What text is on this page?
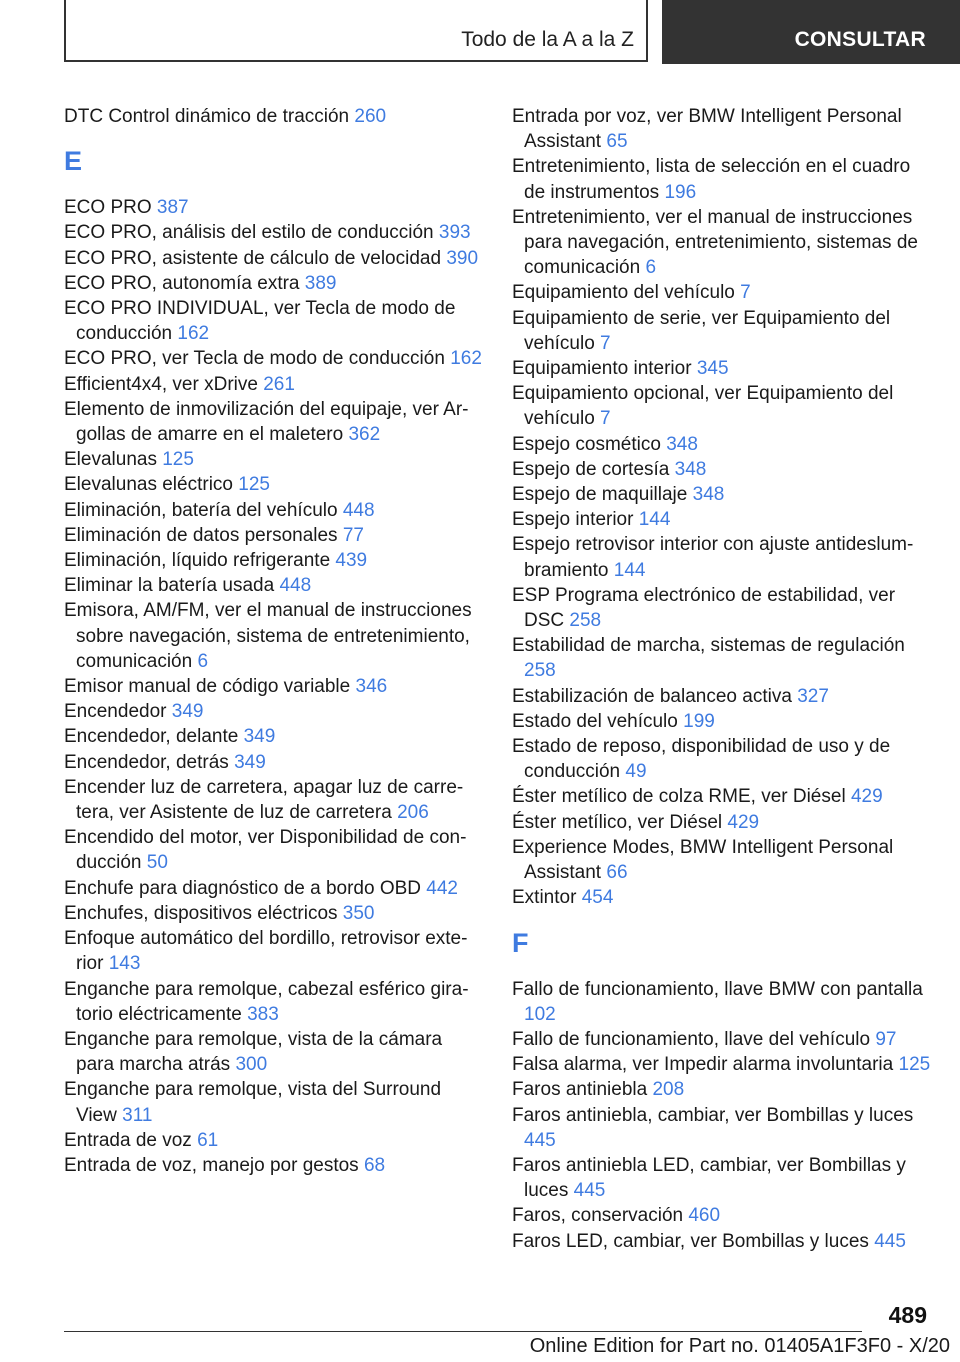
Todo de la A a la Z	CONSULTAR
DTC Control dinámico de tracción 260
E
ECO PRO 387
ECO PRO, análisis del estilo de conducción 393
ECO PRO, asistente de cálculo de velocidad 390
ECO PRO, autonomía extra 389
ECO PRO INDIVIDUAL, ver Tecla de modo de conducción 162
ECO PRO, ver Tecla de modo de conducción 162
Efficient4x4, ver xDrive 261
Elemento de inmovilización del equipaje, ver Argollas de amarre en el maletero 362
Elevalunas 125
Elevalunas eléctrico 125
Eliminación, batería del vehículo 448
Eliminación de datos personales 77
Eliminación, líquido refrigerante 439
Eliminar la batería usada 448
Emisora, AM/FM, ver el manual de instrucciones sobre navegación, sistema de entretenimiento, comunicación 6
Emisor manual de código variable 346
Encendedor 349
Encendedor, delante 349
Encendedor, detrás 349
Encender luz de carretera, apagar luz de carretera, ver Asistente de luz de carretera 206
Encendido del motor, ver Disponibilidad de conducción 50
Enchufe para diagnóstico de a bordo OBD 442
Enchufes, dispositivos eléctricos 350
Enfoque automático del bordillo, retrovisor exterior 143
Enganche para remolque, cabezal esférico giratorio eléctricamente 383
Enganche para remolque, vista de la cámara para marcha atrás 300
Enganche para remolque, vista del Surround View 311
Entrada de voz 61
Entrada de voz, manejo por gestos 68
Entrada por voz, ver BMW Intelligent Personal Assistant 65
Entretenimiento, lista de selección en el cuadro de instrumentos 196
Entretenimiento, ver el manual de instrucciones para navegación, entretenimiento, sistemas de comunicación 6
Equipamiento del vehículo 7
Equipamiento de serie, ver Equipamiento del vehículo 7
Equipamiento interior 345
Equipamiento opcional, ver Equipamiento del vehículo 7
Espejo cosmético 348
Espejo de cortesía 348
Espejo de maquillaje 348
Espejo interior 144
Espejo retrovisor interior con ajuste antideslumbramiento 144
ESP Programa electrónico de estabilidad, ver DSC 258
Estabilidad de marcha, sistemas de regulación 258
Estabilización de balanceo activa 327
Estado del vehículo 199
Estado de reposo, disponibilidad de uso y de conducción 49
Éster metílico de colza RME, ver Diésel 429
Éster metílico, ver Diésel 429
Experience Modes, BMW Intelligent Personal Assistant 66
Extintor 454
F
Fallo de funcionamiento, llave BMW con pantalla 102
Fallo de funcionamiento, llave del vehículo 97
Falsa alarma, ver Impedir alarma involuntaria 125
Faros antiniebla 208
Faros antiniebla, cambiar, ver Bombillas y luces 445
Faros antiniebla LED, cambiar, ver Bombillas y luces 445
Faros, conservación 460
Faros LED, cambiar, ver Bombillas y luces 445
489
Online Edition for Part no. 01405A1F3F0 - X/20
